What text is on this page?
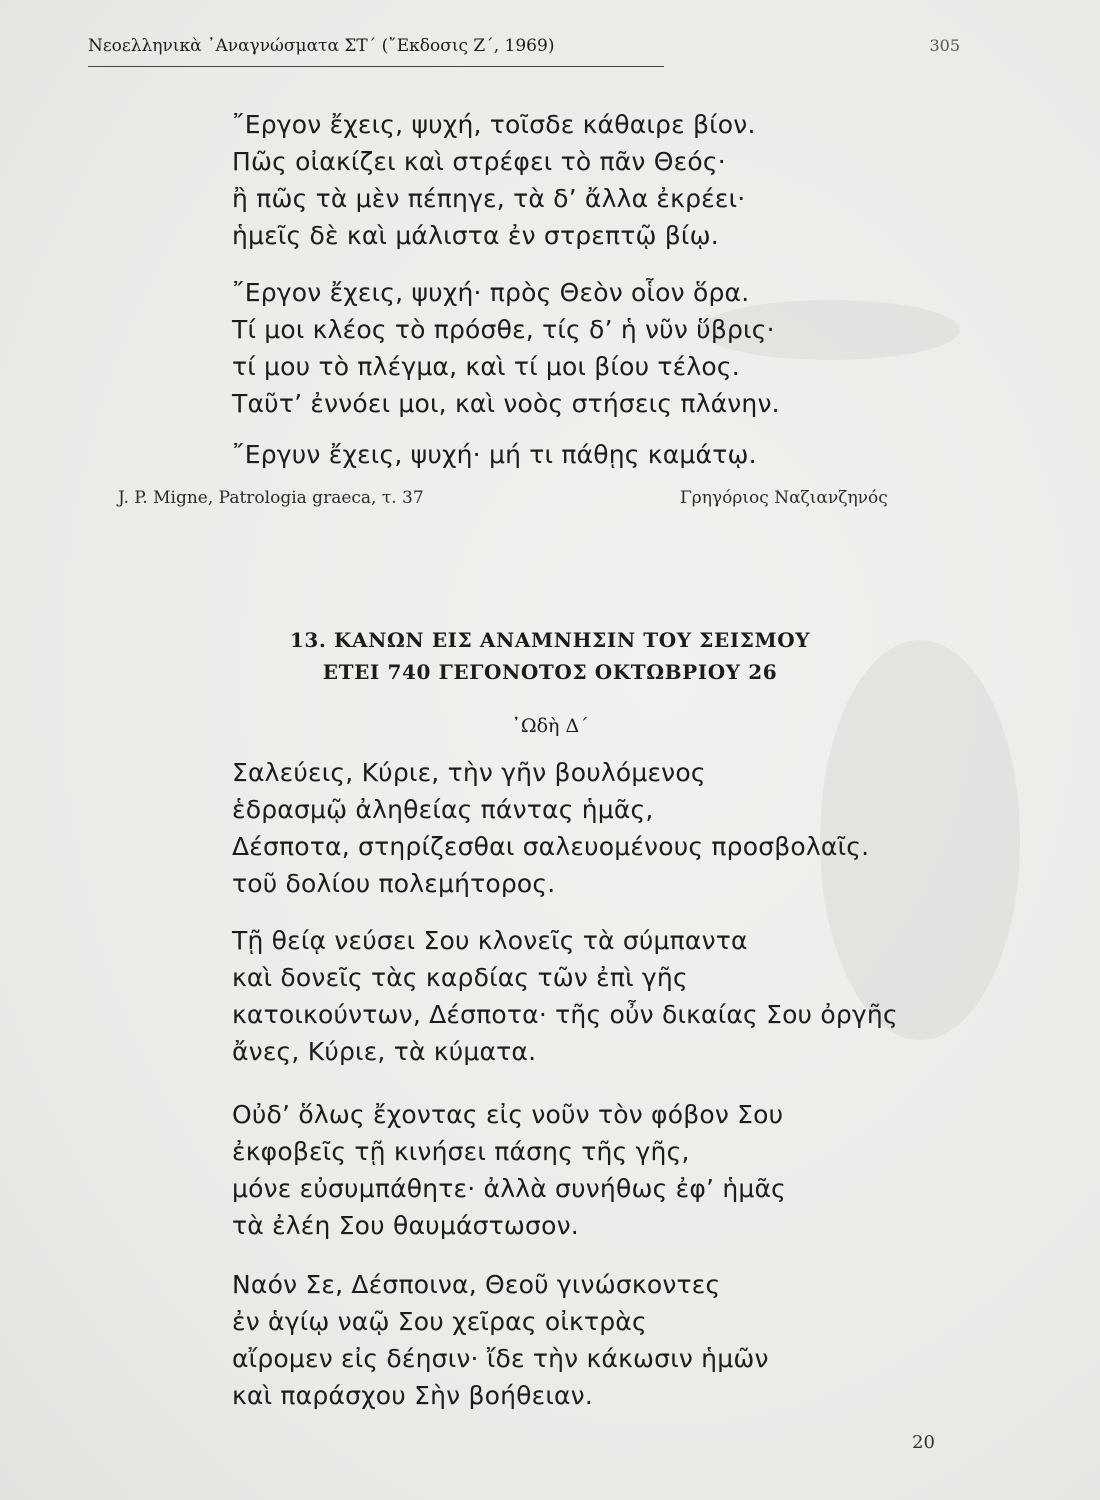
Νεοελληνικὰ ᾿Αναγνώσματα ΣΤ΄ (῎Εκδοσις Ζ΄, 1969)	305
῎Εργον ἔχεις, ψυχή, τοῖσδε κάθαιρε βίον.
Πῶς οἰακίζει καὶ στρέφει τὸ πᾶν Θεός·
ἢ πῶς τὰ μὲν πέπηγε, τὰ δ’ ἄλλα ἐκρέει·
ἡμεῖς δὲ καὶ μάλιστα ἐν στρεπτῷ βίῳ.
῎Εργον ἔχεις, ψυχή· πρὸς Θεὸν οἷον ὅρα.
Τί μοι κλέος τὸ πρόσθε, τίς δ’ ἡ νῦν ὕβρις·
τί μου τὸ πλέγμα, καὶ τί μοι βίου τέλος.
Ταῦτ’ ἐννόει μοι, καὶ νοὸς στήσεις πλάνην.
῎Εργυν ἔχεις, ψυχή· μή τι πάθῃς καμάτῳ.
J. P. Migne, Patrologia graeca, τ. 37	Γρηγόριος Ναζιανζηνός
13. ΚΑΝΩΝ ΕΙΣ ΑΝΑΜΝΗΣΙΝ ΤΟΥ ΣΕΙΣΜΟΥ
ΕΤΕΙ 740 ΓΕΓΟΝΟΤΟΣ ΟΚΤΩΒΡΙΟΥ 26
᾿Ωδὴ Δ΄
Σαλεύεις, Κύριε, τὴν γῆν βουλόμενος
ἑδρασμῷ ἀληθείας πάντας ἡμᾶς,
Δέσποτα, στηρίζεσθαι σαλευομένους προσβολαῖς.
τοῦ δολίου πολεμήτορος.
Τῇ θείᾳ νεύσει Σου κλονεῖς τὰ σύμπαντα
καὶ δονεῖς τὰς καρδίας τῶν ἐπὶ γῆς
κατοικούντων, Δέσποτα· τῆς οὖν δικαίας Σου ὀργῆς
ἄνες, Κύριε, τὰ κύματα.
Οὐδ’ ὅλως ἔχοντας εἰς νοῦν τὸν φόβον Σου
ἐκφοβεῖς τῇ κινήσει πάσης τῆς γῆς,
μόνε εὐσυμπάθητε· ἀλλὰ συνήθως ἐφ’ ἡμᾶς
τὰ ἐλέη Σου θαυμάστωσον.
Ναόν Σε, Δέσποινα, Θεοῦ γινώσκοντες
ἐν ἁγίῳ ναῷ Σου χεῖρας οἰκτρὰς
αἴρομεν εἰς δέησιν· ἴδε τὴν κάκωσιν ἡμῶν
καὶ παράσχου Σὴν βοήθειαν.
20
